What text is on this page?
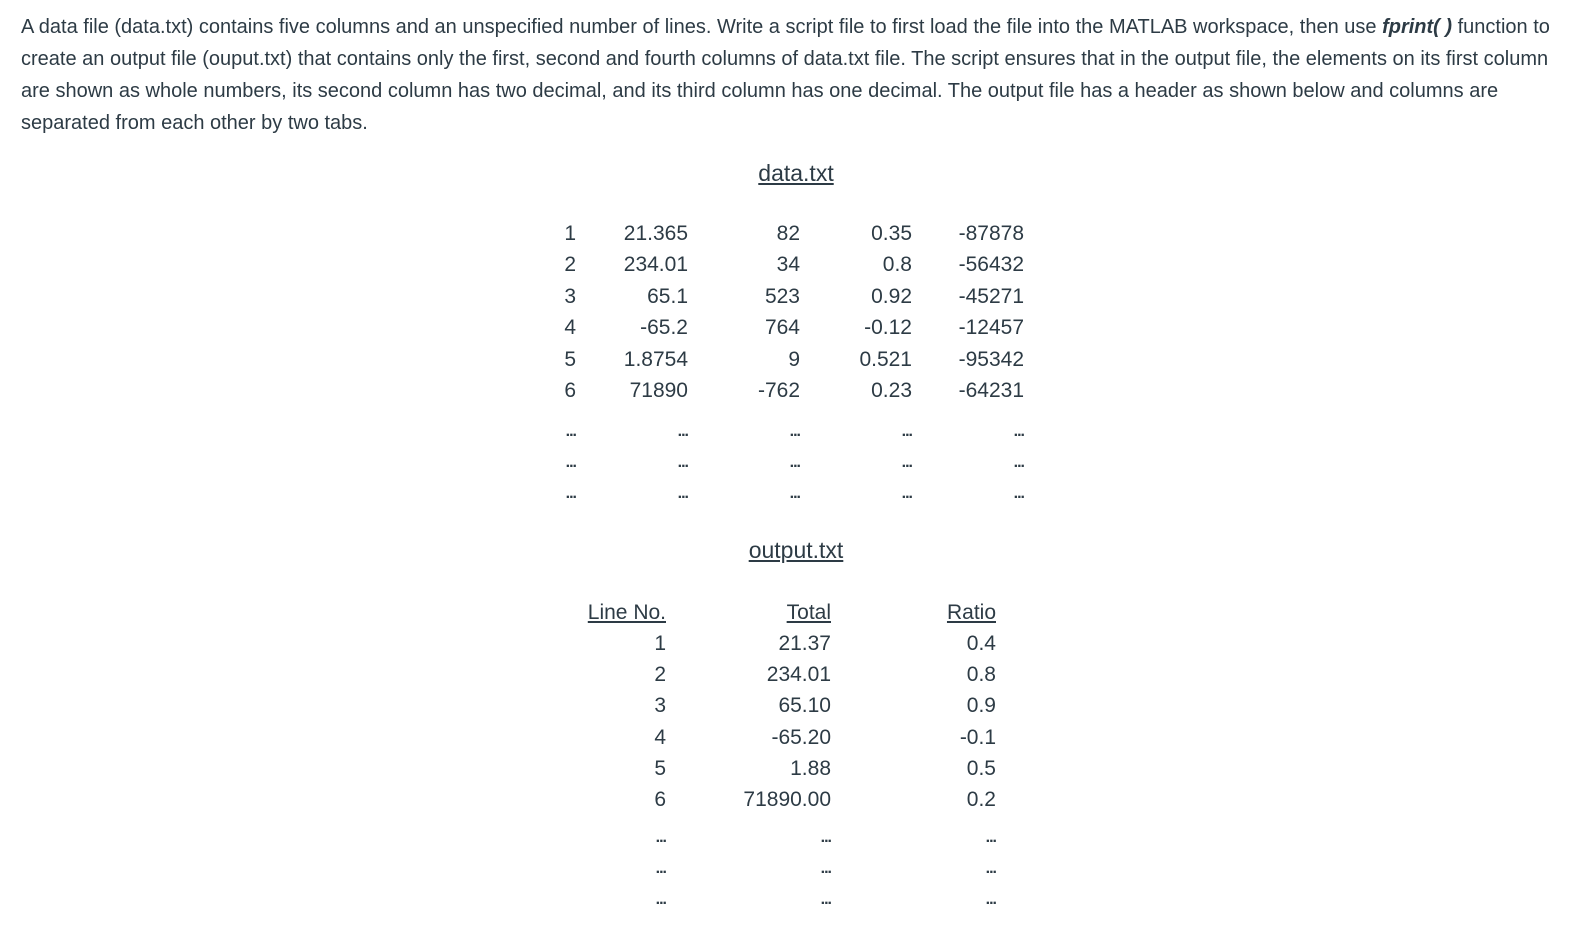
A data file (data.txt) contains five columns and an unspecified number of lines. Write a script file to first load the file into the MATLAB workspace, then use fprint( ) function to create an output file (ouput.txt) that contains only the first, second and fourth columns of data.txt file. The script ensures that in the output file, the elements on its first column are shown as whole numbers, its second column has two decimal, and its third column has one decimal. The output file has a header as shown below and columns are separated from each other by two tabs.
data.txt
1 21.365	82	0.35 -87878
2 234.01	34	0.8 -56432
3	65.1	523	0.92 -45271
4	-65.2	764	-0.12 -12457
5 1.8754	9	0.521 -95342
6	71890	-762	0.23 -64231
...	...	...	...	...
...	...	...	...	...
...	...	...	...	...
output.txt
Line No.	Total	Ratio
1	21.37	0.4
2	234.01	0.8
3	65.10	0.9
4	-65.20	-0.1
5	1.88	0.5
6	71890.00	0.2
...	...	...
...	...	...
...	...	...
